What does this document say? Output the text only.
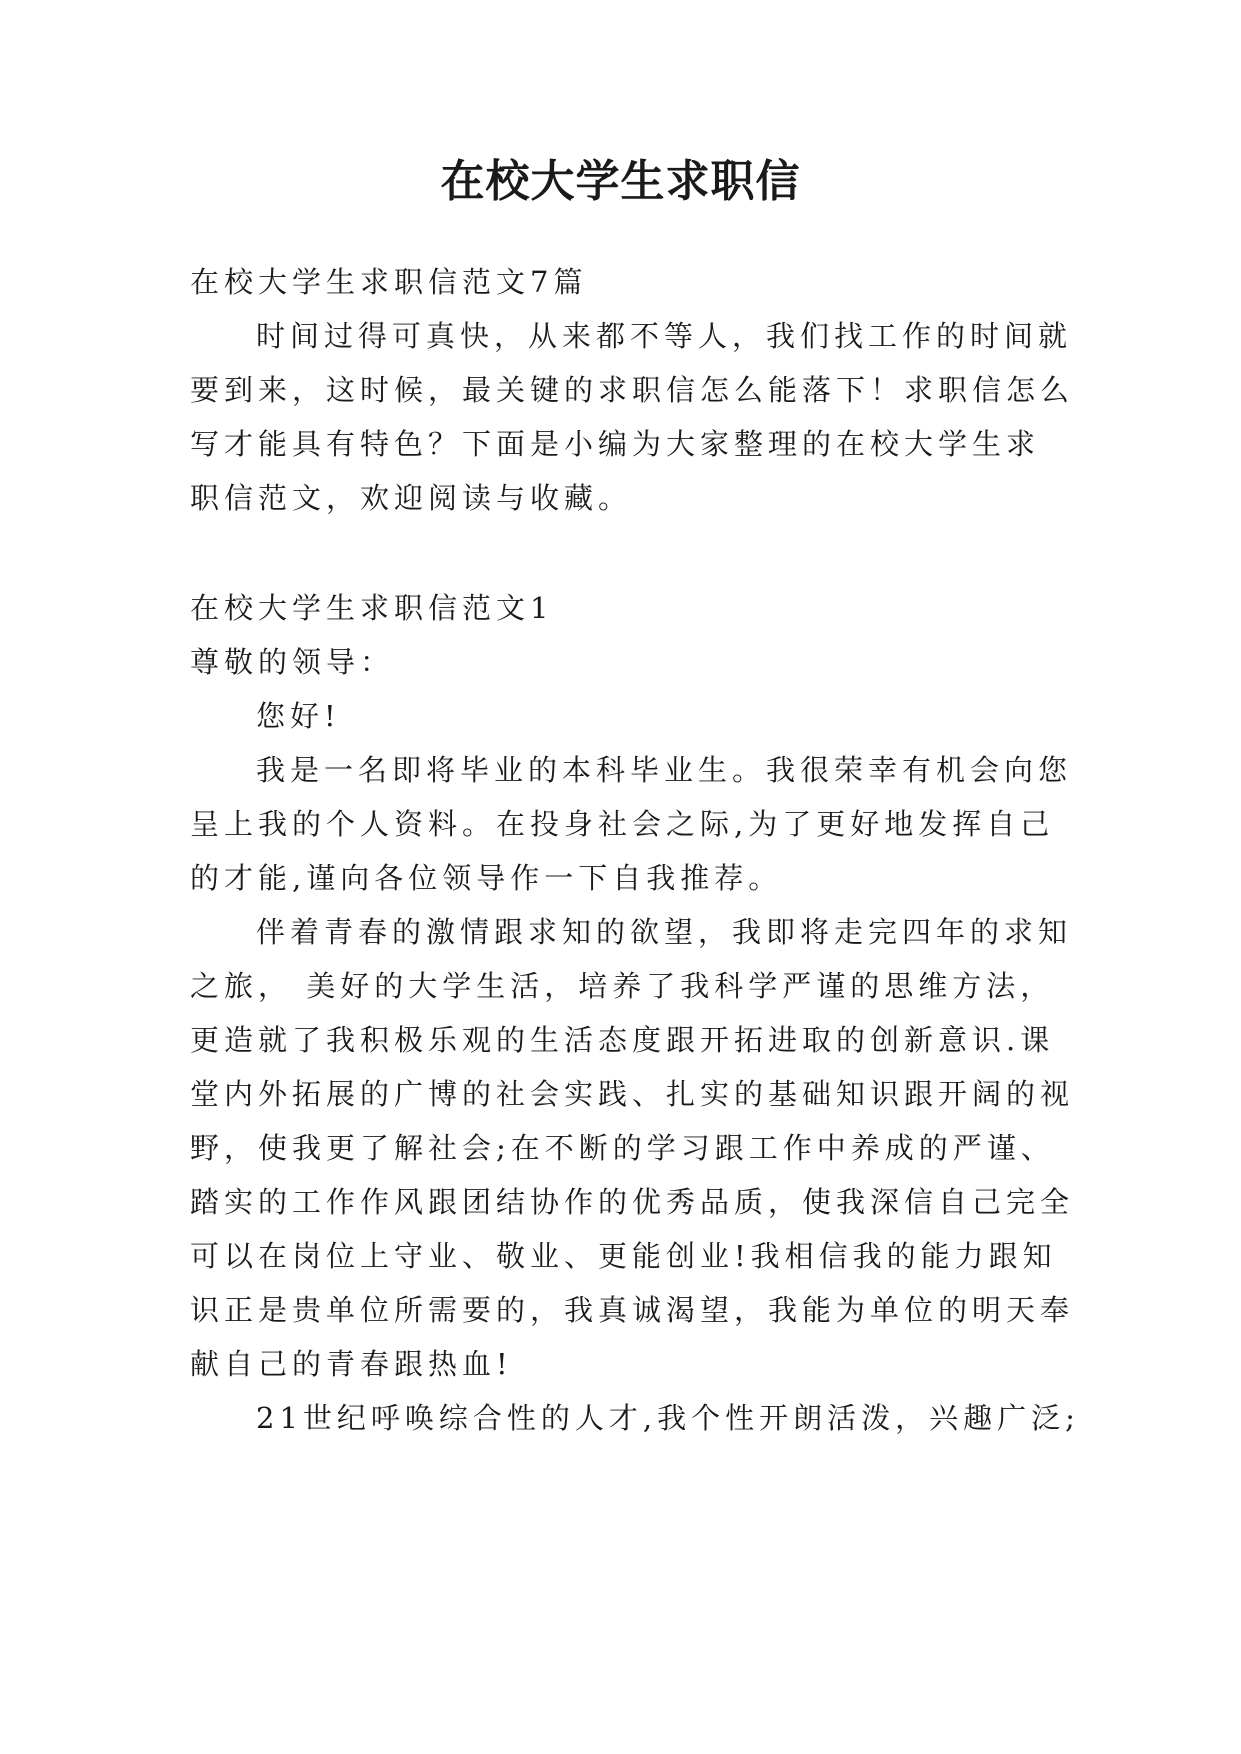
在校大学生求职信
在校大学生求职信范文7篇
时间过得可真快，从来都不等人，我们找工作的时间就
要到来，这时候，最关键的求职信怎么能落下！求职信怎么
写才能具有特色？下面是小编为大家整理的在校大学生求
职信范文，欢迎阅读与收藏。
在校大学生求职信范文1
尊敬的领导：
您好!
我是一名即将毕业的本科毕业生。我很荣幸有机会向您
呈上我的个人资料。在投身社会之际,为了更好地发挥自己
的才能,谨向各位领导作一下自我推荐。
伴着青春的激情跟求知的欲望，我即将走完四年的求知
之旅， 美好的大学生活，培养了我科学严谨的思维方法，
更造就了我积极乐观的生活态度跟开拓进取的创新意识.课
堂内外拓展的广博的社会实践、扎实的基础知识跟开阔的视
野，使我更了解社会;在不断的学习跟工作中养成的严谨、
踏实的工作作风跟团结协作的优秀品质，使我深信自己完全
可以在岗位上守业、敬业、更能创业!我相信我的能力跟知
识正是贵单位所需要的，我真诚渴望，我能为单位的明天奉
献自己的青春跟热血!
21世纪呼唤综合性的人才,我个性开朗活泼，兴趣广泛;
